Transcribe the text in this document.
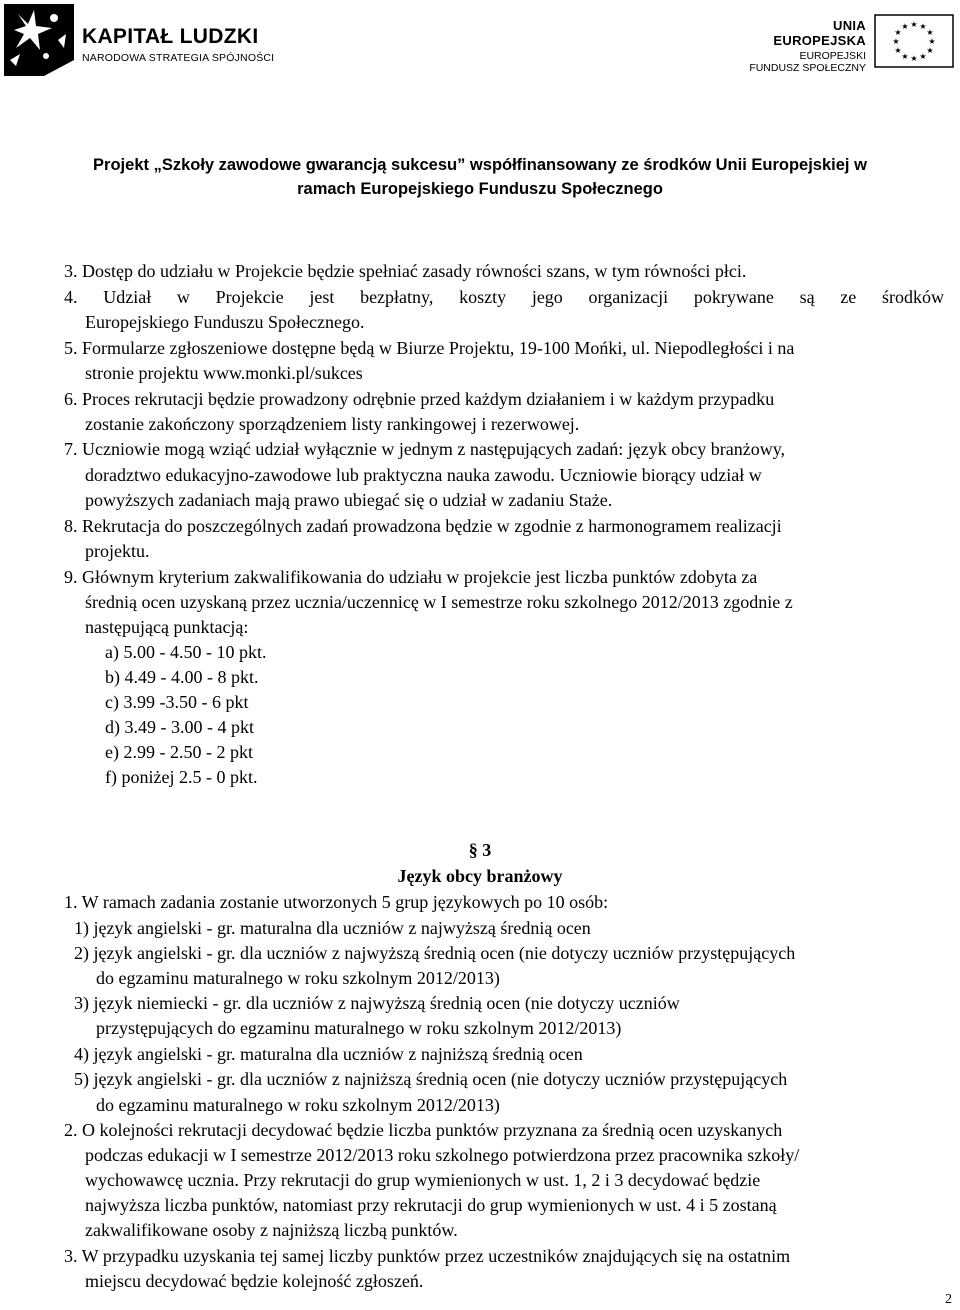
KAPITAŁ LUDZKI
NARODOWA STRATEGIA SPÓJNOŚCI
UNIA EUROPEJSKA
EUROPEJSKI
FUNDUSZ SPOŁECZNY
★ ★
★
★
★
★
★
★
★
★
★
★
Projekt „Szkoły zawodowe gwarancją sukcesu” współfinansowany ze środków Unii Europejskiej w
ramach Europejskiego Funduszu Społecznego
3. Dostęp do udziału w Projekcie będzie spełniać zasady równości szans, w tym równości płci.
4. Udział w Projekcie jest bezpłatny, koszty jego organizacji pokrywane są ze środków
Europejskiego Funduszu Społecznego.
5. Formularze zgłoszeniowe dostępne będą w Biurze Projektu, 19-100 Mońki, ul. Niepodległości i na
stronie projektu www.monki.pl/sukces
6. Proces rekrutacji będzie prowadzony odrębnie przed każdym działaniem i w każdym przypadku
zostanie zakończony sporządzeniem listy rankingowej i rezerwowej.
7. Uczniowie mogą wziąć udział wyłącznie w jednym z następujących zadań: język obcy branżowy,
doradztwo edukacyjno-zawodowe lub praktyczna nauka zawodu. Uczniowie biorący udział w
powyższych zadaniach mają prawo ubiegać się o udział w zadaniu Staże.
8. Rekrutacja do poszczególnych zadań prowadzona będzie w zgodnie z harmonogramem realizacji
projektu.
9. Głównym kryterium zakwalifikowania do udziału w projekcie jest liczba punktów zdobyta za
średnią ocen uzyskaną przez ucznia/uczennicę w I semestrze roku szkolnego 2012/2013 zgodnie z
następującą punktacją:
a) 5.00 - 4.50 - 10 pkt.
b) 4.49 - 4.00 - 8 pkt.
c) 3.99 -3.50 - 6 pkt
d) 3.49 - 3.00 - 4 pkt
e) 2.99 - 2.50 - 2 pkt
f) poniżej 2.5 - 0 pkt.
§ 3
Język obcy branżowy
1. W ramach zadania zostanie utworzonych 5 grup językowych po 10 osób:
1) język angielski - gr. maturalna dla uczniów z najwyższą średnią ocen
2) język angielski - gr. dla uczniów z najwyższą średnią ocen (nie dotyczy uczniów przystępujących
do egzaminu maturalnego w roku szkolnym 2012/2013)
3) język niemiecki - gr. dla uczniów z najwyższą średnią ocen (nie dotyczy uczniów
przystępujących do egzaminu maturalnego w roku szkolnym 2012/2013)
4) język angielski - gr. maturalna dla uczniów z najniższą średnią ocen
5) język angielski - gr. dla uczniów z najniższą średnią ocen (nie dotyczy uczniów przystępujących
do egzaminu maturalnego w roku szkolnym 2012/2013)
2. O kolejności rekrutacji decydować będzie liczba punktów przyznana za średnią ocen uzyskanych
podczas edukacji w I semestrze 2012/2013 roku szkolnego potwierdzona przez pracownika szkoły/
wychowawcę ucznia. Przy rekrutacji do grup wymienionych w ust. 1, 2 i 3 decydować będzie
najwyższa liczba punktów, natomiast przy rekrutacji do grup wymienionych w ust. 4 i 5 zostaną
zakwalifikowane osoby z najniższą liczbą punktów.
3. W przypadku uzyskania tej samej liczby punktów przez uczestników znajdujących się na ostatnim
miejscu decydować będzie kolejność zgłoszeń.
2
